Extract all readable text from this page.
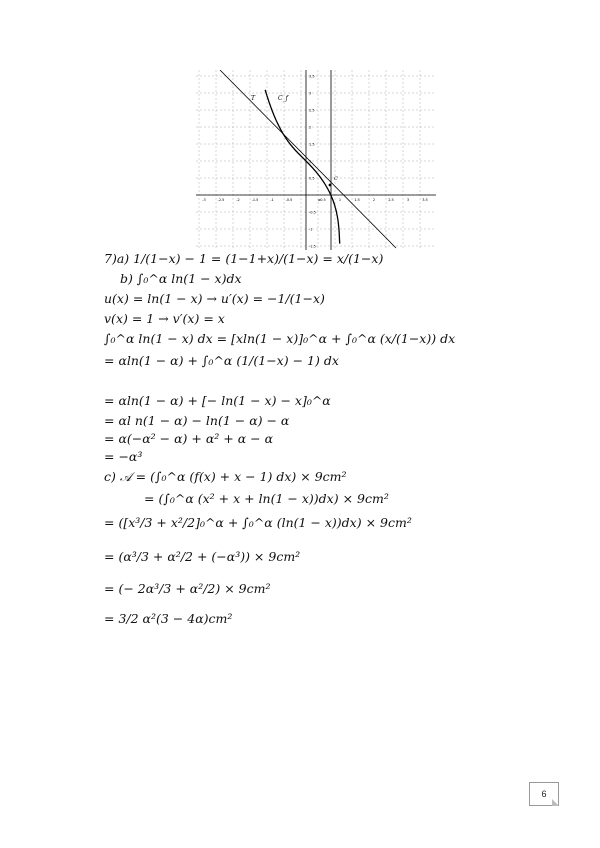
-3	-2.5	-2	-1.5	-1	-0.5	0.5	1	1.5	2	2.5	3	3.5
3.5
3
2.5
2
1.5
1
0.5
-0.5
-1
-1.5
T	C_f
C
α
7)a) 1/(1−x) − 1 = (1−1+x)/(1−x) = x/(1−x)
b) ∫₀^α ln(1 − x)dx
u(x) = ln(1 − x) → u′(x) = −1/(1−x)
v(x) = 1 → v′(x) = x
∫₀^α ln(1 − x) dx = [xln(1 − x)]₀^α + ∫₀^α (x/(1−x)) dx
= αln(1 − α) + ∫₀^α (1/(1−x) − 1) dx
= αln(1 − α) + [− ln(1 − x) − x]₀^α
= αl n(1 − α) − ln(1 − α) − α
= α(−α² − α) + α² + α − α
= −α³
c) 𝒜 = (∫₀^α (f(x) + x − 1) dx) × 9cm²
= (∫₀^α (x² + x + ln(1 − x))dx) × 9cm²
= ([x³/3 + x²/2]₀^α + ∫₀^α (ln(1 − x))dx) × 9cm²
= (α³/3 + α²/2 + (−α³)) × 9cm²
= (− 2α³/3 + α²/2) × 9cm²
= 3/2 α²(3 − 4α)cm²
6
